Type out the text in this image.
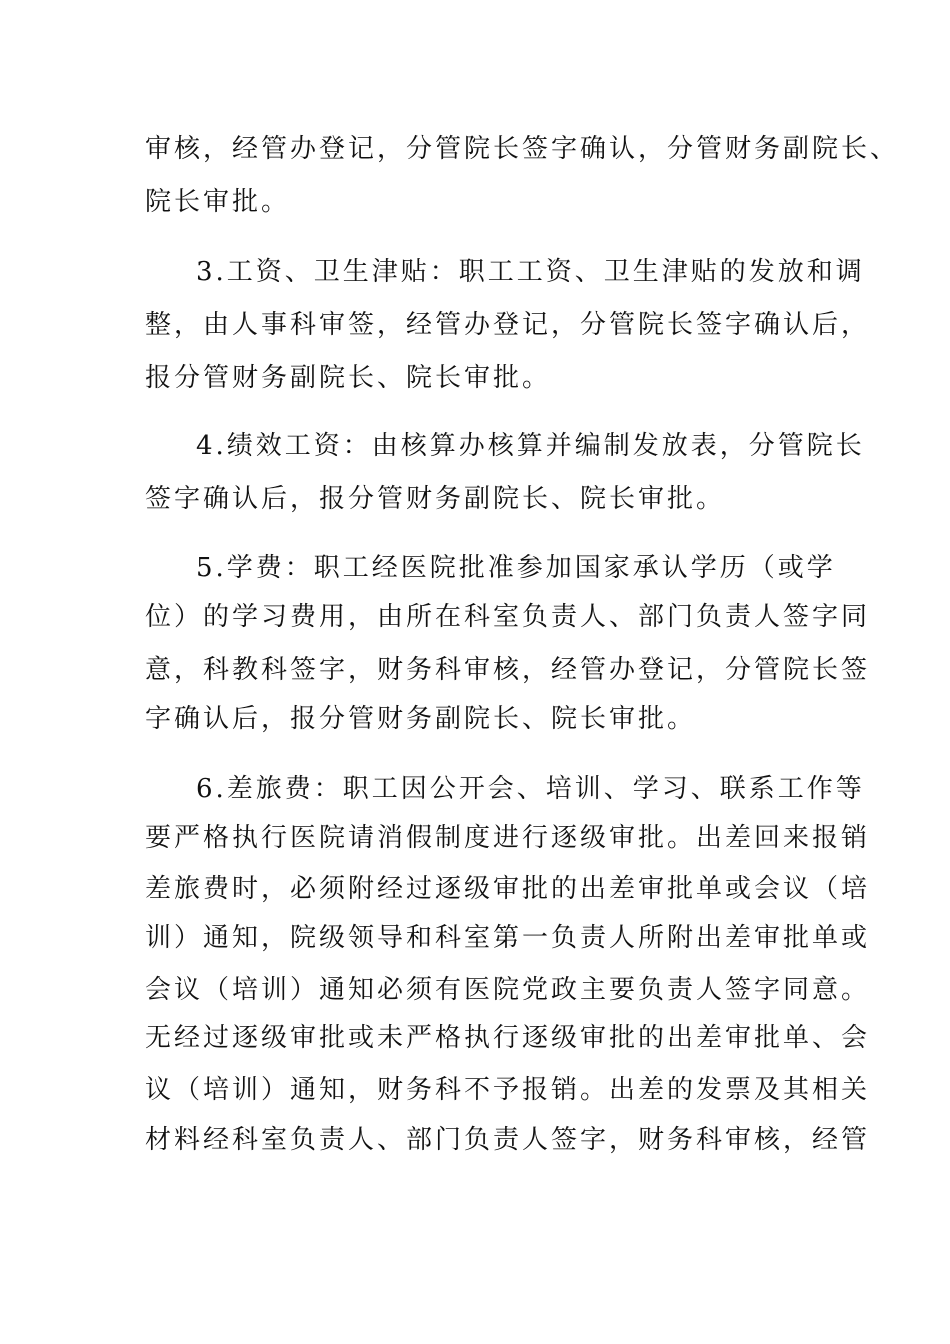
审核，经管办登记，分管院长签字确认，分管财务副院长、
院长审批。
3.工资、卫生津贴：职工工资、卫生津贴的发放和调
整，由人事科审签，经管办登记，分管院长签字确认后，
报分管财务副院长、院长审批。
4.绩效工资：由核算办核算并编制发放表，分管院长
签字确认后，报分管财务副院长、院长审批。
5.学费：职工经医院批准参加国家承认学历（或学
位）的学习费用，由所在科室负责人、部门负责人签字同
意，科教科签字，财务科审核，经管办登记，分管院长签
字确认后，报分管财务副院长、院长审批。
6.差旅费：职工因公开会、培训、学习、联系工作等
要严格执行医院请消假制度进行逐级审批。出差回来报销
差旅费时，必须附经过逐级审批的出差审批单或会议（培
训）通知，院级领导和科室第一负责人所附出差审批单或
会议（培训）通知必须有医院党政主要负责人签字同意。
无经过逐级审批或未严格执行逐级审批的出差审批单、会
议（培训）通知，财务科不予报销。出差的发票及其相关
材料经科室负责人、部门负责人签字，财务科审核，经管
